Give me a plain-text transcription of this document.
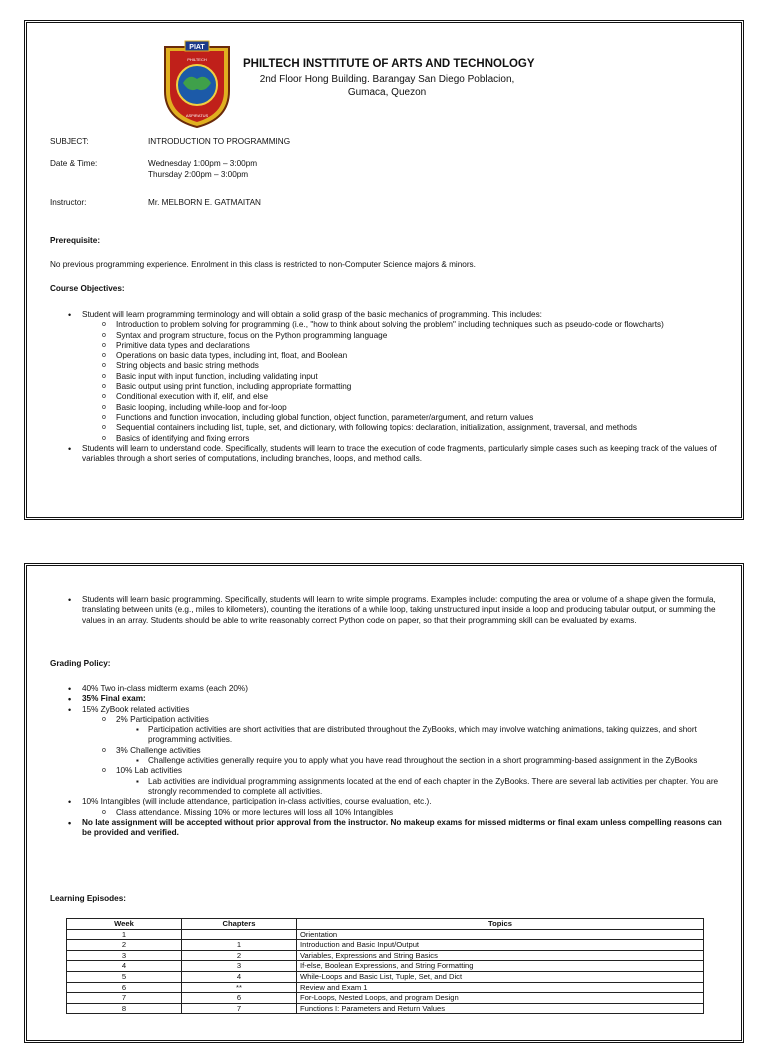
PIAT
PHILTECH
ASPIRATUS
PHILTECH INSTTITUTE OF ARTS AND TECHNOLOGY
2nd Floor Hong Building. Barangay San Diego Poblacion,
Gumaca, Quezon
SUBJECT:	INTRODUCTION TO PROGRAMMING
Date & Time:	Wednesday 1:00pm – 3:00pm
Thursday 2:00pm – 3:00pm
Instructor:	Mr. MELBORN E. GATMAITAN
Prerequisite:
No previous programming experience. Enrolment in this class is restricted to non-Computer Science majors & minors.
Course Objectives:
• Student will learn programming terminology and will obtain a solid grasp of the basic mechanics of programming. This includes:
o Introduction to problem solving for programming (i.e., "how to think about solving the problem" including techniques such as pseudo-code or flowcharts)
o Syntax and program structure, focus on the Python programming language
o Primitive data types and declarations
o Operations on basic data types, including int, float, and Boolean
o String objects and basic string methods
o Basic input with input function, including validating input
o Basic output using print function, including appropriate formatting
o Conditional execution with if, elif, and else
o Basic looping, including while-loop and for-loop
o Functions and function invocation, including global function, object function, parameter/argument, and return values
o Sequential containers including list, tuple, set, and dictionary, with following topics: declaration, initialization, assignment, traversal, and methods
o Basics of identifying and fixing errors
• Students will learn to understand code. Specifically, students will learn to trace the execution of code fragments, particularly simple cases such as keeping track of the values of variables through a short series of computations, including branches, loops, and method calls.
• Students will learn basic programming. Specifically, students will learn to write simple programs. Examples include: computing the area or volume of a shape given the formula, translating between units (e.g., miles to kilometers), counting the iterations of a while loop, taking unstructured input inside a loop and producing tabular output, or summing the values in an array. Students should be able to write reasonably correct Python code on paper, so that their programming skill can be evaluated by exams.
Grading Policy:
• 40% Two in-class midterm exams (each 20%)
• 35% Final exam:
• 15% ZyBook related activities
o 2% Participation activities
▪ Participation activities are short activities that are distributed throughout the ZyBooks, which may involve watching animations, taking quizzes, and short programming activities.
o 3% Challenge activities
▪ Challenge activities generally require you to apply what you have read throughout the section in a short programming-based assignment in the ZyBooks
o 10% Lab activities
▪ Lab activities are individual programming assignments located at the end of each chapter in the ZyBooks. There are several lab activities per chapter. You are strongly recommended to complete all activities.
• 10% Intangibles (will include attendance, participation in-class activities, course evaluation, etc.).
o Class attendance. Missing 10% or more lectures will loss all 10% Intangibles
• No late assignment will be accepted without prior approval from the instructor. No makeup exams for missed midterms or final exam unless compelling reasons can be provided and verified.
Learning Episodes:
Week	Chapters	Topics
1		Orientation
2	1	Introduction and Basic Input/Output
3	2	Variables, Expressions and String Basics
4	3	If-else, Boolean Expressions, and String Formatting
5	4	While-Loops and Basic List, Tuple, Set, and Dict
6	**	Review and Exam 1
7	6	For-Loops, Nested Loops, and program Design
8	7	Functions I: Parameters and Return Values
